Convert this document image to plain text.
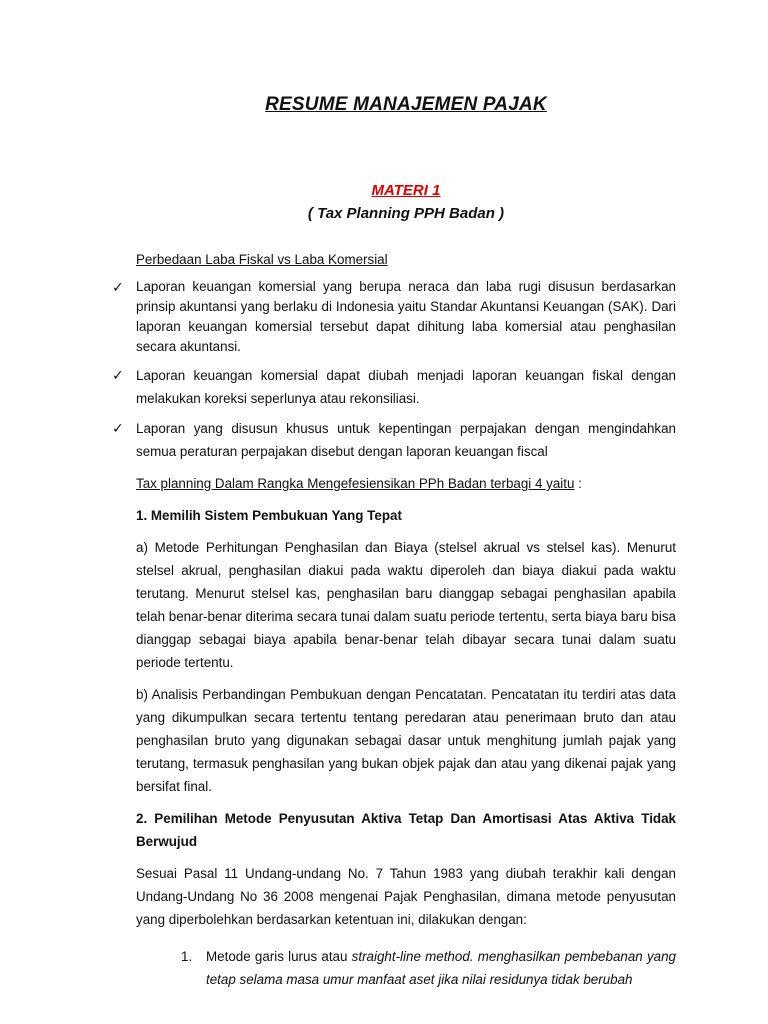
RESUME MANAJEMEN PAJAK
MATERI 1
( Tax Planning PPH Badan )

Perbedaan Laba Fiskal vs Laba Komersial

✓ Laporan keuangan komersial yang berupa neraca dan laba rugi disusun berdasarkan prinsip akuntansi yang berlaku di Indonesia yaitu Standar Akuntansi Keuangan (SAK). Dari laporan keuangan komersial tersebut dapat dihitung laba komersial atau penghasilan secara akuntansi.
✓ Laporan keuangan komersial dapat diubah menjadi laporan keuangan fiskal dengan melakukan koreksi seperlunya atau rekonsiliasi.
✓ Laporan yang disusun khusus untuk kepentingan perpajakan dengan mengindahkan semua peraturan perpajakan disebut dengan laporan keuangan fiscal

Tax planning Dalam Rangka Mengefesiensikan PPh Badan terbagi 4 yaitu :

1. Memilih Sistem Pembukuan Yang Tepat

a) Metode Perhitungan Penghasilan dan Biaya (stelsel akrual vs stelsel kas). Menurut stelsel akrual, penghasilan diakui pada waktu diperoleh dan biaya diakui pada waktu terutang. Menurut stelsel kas, penghasilan baru dianggap sebagai penghasilan apabila telah benar-benar diterima secara tunai dalam suatu periode tertentu, serta biaya baru bisa dianggap sebagai biaya apabila benar-benar telah dibayar secara tunai dalam suatu periode tertentu.

b) Analisis Perbandingan Pembukuan dengan Pencatatan. Pencatatan itu terdiri atas data yang dikumpulkan secara tertentu tentang peredaran atau penerimaan bruto dan atau penghasilan bruto yang digunakan sebagai dasar untuk menghitung jumlah pajak yang terutang, termasuk penghasilan yang bukan objek pajak dan atau yang dikenai pajak yang bersifat final.

2. Pemilihan Metode Penyusutan Aktiva Tetap Dan Amortisasi Atas Aktiva Tidak Berwujud

Sesuai Pasal 11 Undang-undang No. 7 Tahun 1983 yang diubah terakhir kali dengan Undang-Undang No 36 2008 mengenai Pajak Penghasilan, dimana metode penyusutan yang diperbolehkan berdasarkan ketentuan ini, dilakukan dengan:

1. Metode garis lurus atau straight-line method. menghasilkan pembebanan yang tetap selama masa umur manfaat aset jika nilai residunya tidak berubah
